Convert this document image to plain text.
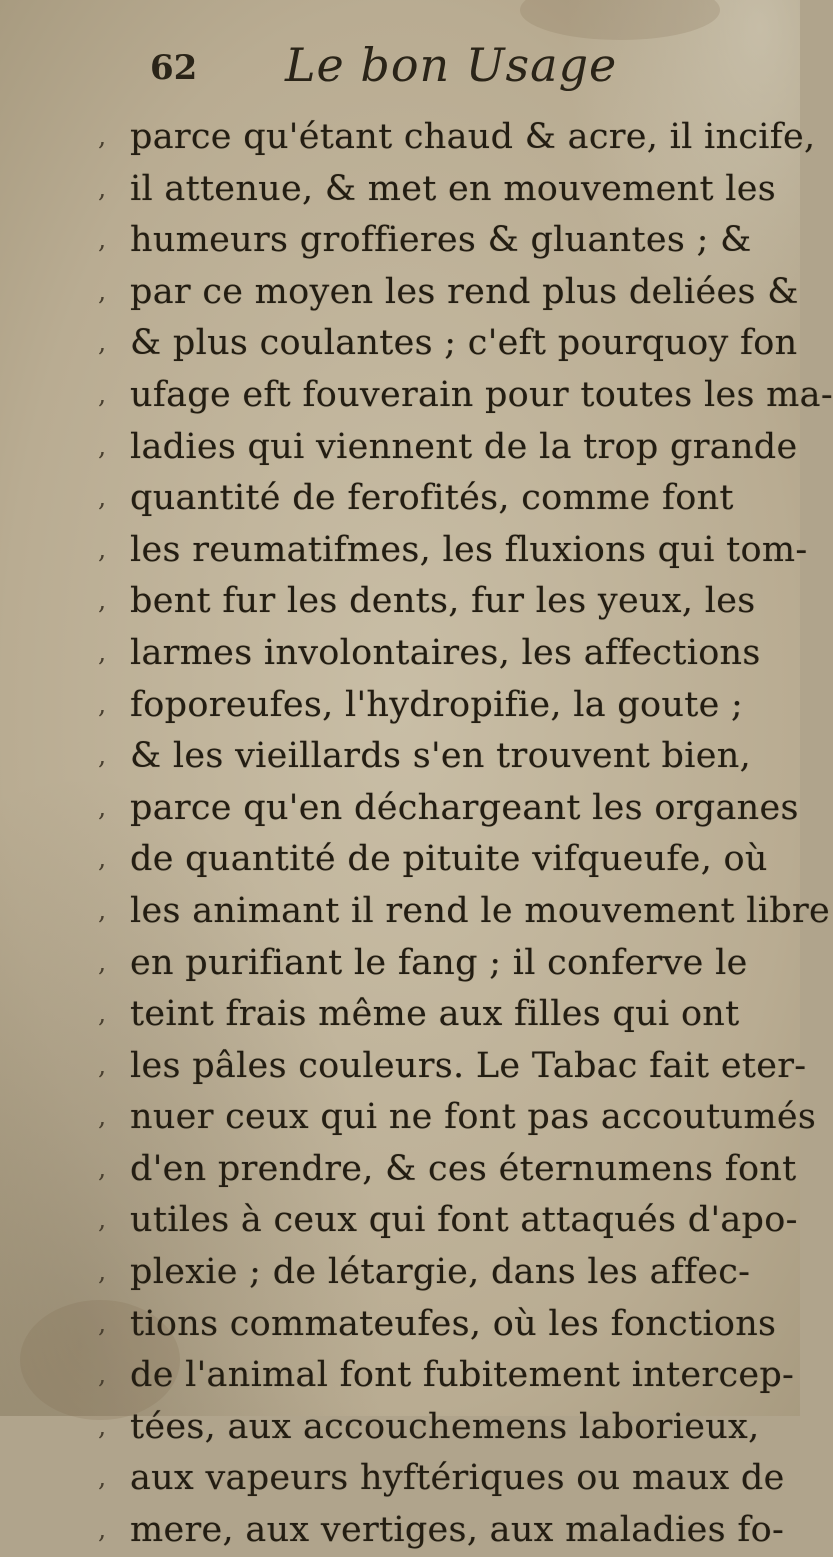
62 Le bon Usage
,
,
,
,
,
,
,
,
,
,
,
,
,
,
,
,
,
,
,
,
,
,
,
,
,
,
,
,
parce qu'étant chaud & acre, il incife,
il attenue, & met en mouvement les
humeurs groffieres & gluantes ; &
par ce moyen les rend plus deliées &
& plus coulantes ; c'eft pourquoy fon
ufage eft fouverain pour toutes les ma-
ladies qui viennent de la trop grande
quantité de ferofités, comme font
les reumatifmes, les fluxions qui tom-
bent fur les dents, fur les yeux, les
larmes involontaires, les affections
foporeufes, l'hydropifie, la goute ;
& les vieillards s'en trouvent bien,
parce qu'en déchargeant les organes
de quantité de pituite vifqueufe, où
les animant il rend le mouvement libre
en purifiant le fang ; il conferve le
teint frais même aux filles qui ont
les pâles couleurs. Le Tabac fait eter-
nuer ceux qui ne font pas accoutumés
d'en prendre, & ces éternumens font
utiles à ceux qui font attaqués d'apo-
plexie ; de létargie, dans les affec-
tions commateufes, où les fonctions
de l'animal font fubitement intercep-
tées, aux accouchemens laborieux,
aux vapeurs hyftériques ou maux de
mere, aux vertiges, aux maladies fo-
